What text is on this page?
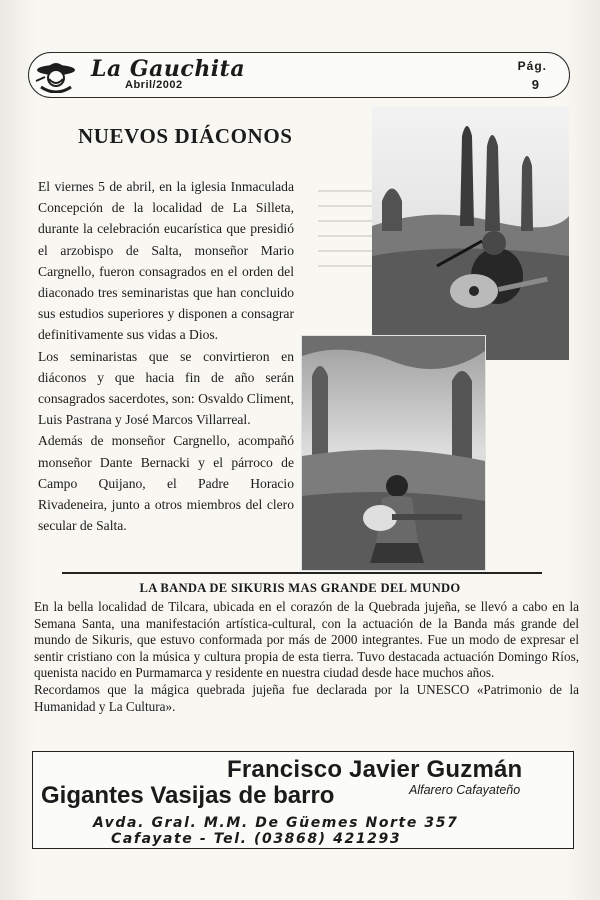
La Gauchita
Abril/2002
Pág.
9
NUEVOS DIÁCONOS

El viernes 5 de abril, en la iglesia Inmaculada Concepción de la localidad de La Silleta, durante la celebración eucarística que presidió el arzobispo de Salta, monseñor Mario Cargnello, fueron consagrados en el orden del diaconado tres seminaristas que han concluido sus estudios superiores y disponen a consagrar definitivamente sus vidas a Dios.

Los seminaristas que se convirtieron en diáconos y que hacia fin de año serán consagrados sacerdotes, son: Osvaldo Climent, Luis Pastrana y José Marcos Villarreal.

Además de monseñor Cargnello, acompañó monseñor Dante Bernacki y el párroco de Campo Quijano, el Padre Horacio Rivadeneira, junto a otros miembros del clero secular de Salta.

LA BANDA DE SIKURIS MAS GRANDE DEL MUNDO

En la bella localidad de Tilcara, ubicada en el corazón de la Quebrada jujeña, se llevó a cabo en la Semana Santa, una manifestación artística-cultural, con la actuación de la Banda más grande del mundo de Sikuris, que estuvo conformada por más de 2000 integrantes. Fue un modo de expresar el sentir cristiano con la música y cultura propia de esta tierra. Tuvo destacada actuación Domingo Ríos, quenista nacido en Purmamarca y residente en nuestra ciudad desde hace muchos años.

Recordamos que la mágica quebrada jujeña fue declarada por la UNESCO «Patrimonio de la Humanidad y La Cultura».

Francisco Javier Guzmán
Gigantes Vasijas de barro	Alfarero Cafayateño
Avda. Gral. M.M. De Güemes Norte 357
Cafayate - Tel. (03868) 421293
